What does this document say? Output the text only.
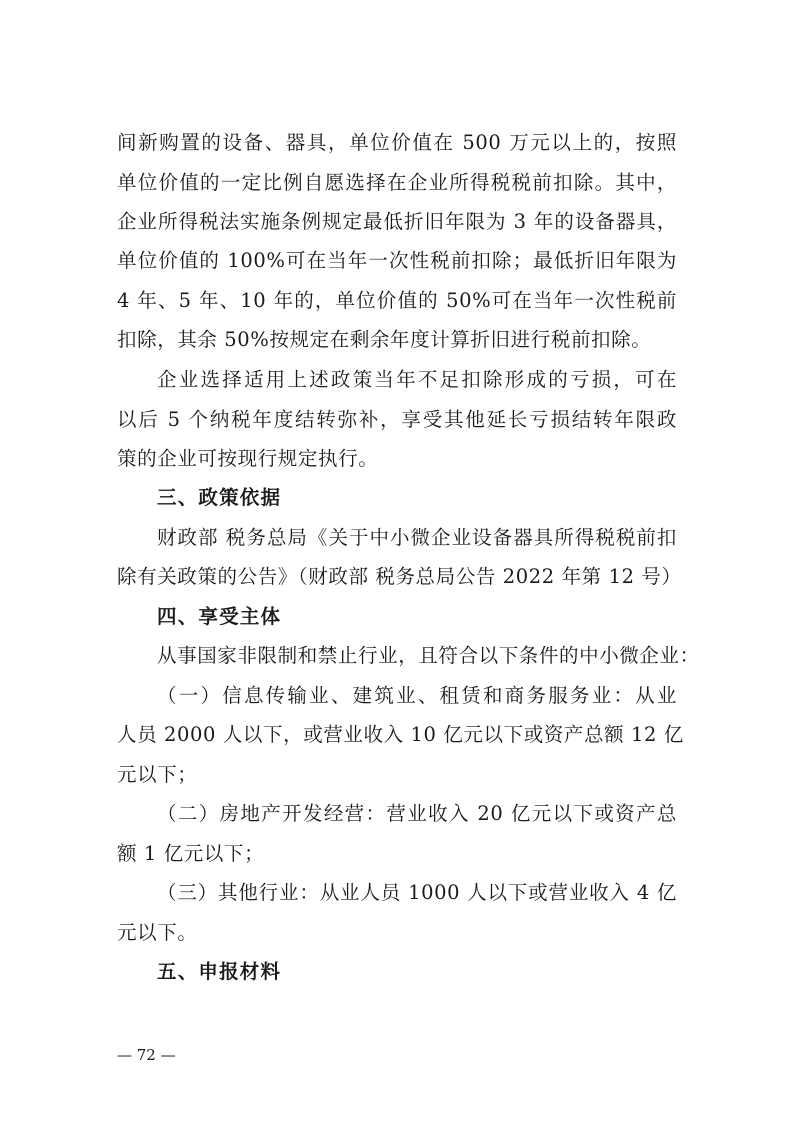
间新购置的设备、器具，单位价值在 500 万元以上的，按照
单位价值的一定比例自愿选择在企业所得税税前扣除。其中，
企业所得税法实施条例规定最低折旧年限为 3 年的设备器具，
单位价值的 100%可在当年一次性税前扣除；最低折旧年限为
4 年、5 年、10 年的，单位价值的 50%可在当年一次性税前
扣除，其余 50%按规定在剩余年度计算折旧进行税前扣除。
企业选择适用上述政策当年不足扣除形成的亏损，可在
以后 5 个纳税年度结转弥补，享受其他延长亏损结转年限政
策的企业可按现行规定执行。
三、政策依据
财政部 税务总局《关于中小微企业设备器具所得税税前扣
除有关政策的公告》（财政部 税务总局公告 2022 年第 12 号）
四、享受主体
从事国家非限制和禁止行业，且符合以下条件的中小微企业：
（一）信息传输业、建筑业、租赁和商务服务业：从业
人员 2000 人以下，或营业收入 10 亿元以下或资产总额 12 亿
元以下；
（二）房地产开发经营：营业收入 20 亿元以下或资产总
额 1 亿元以下；
（三）其他行业：从业人员 1000 人以下或营业收入 4 亿
元以下。
五、申报材料
— 72 —
